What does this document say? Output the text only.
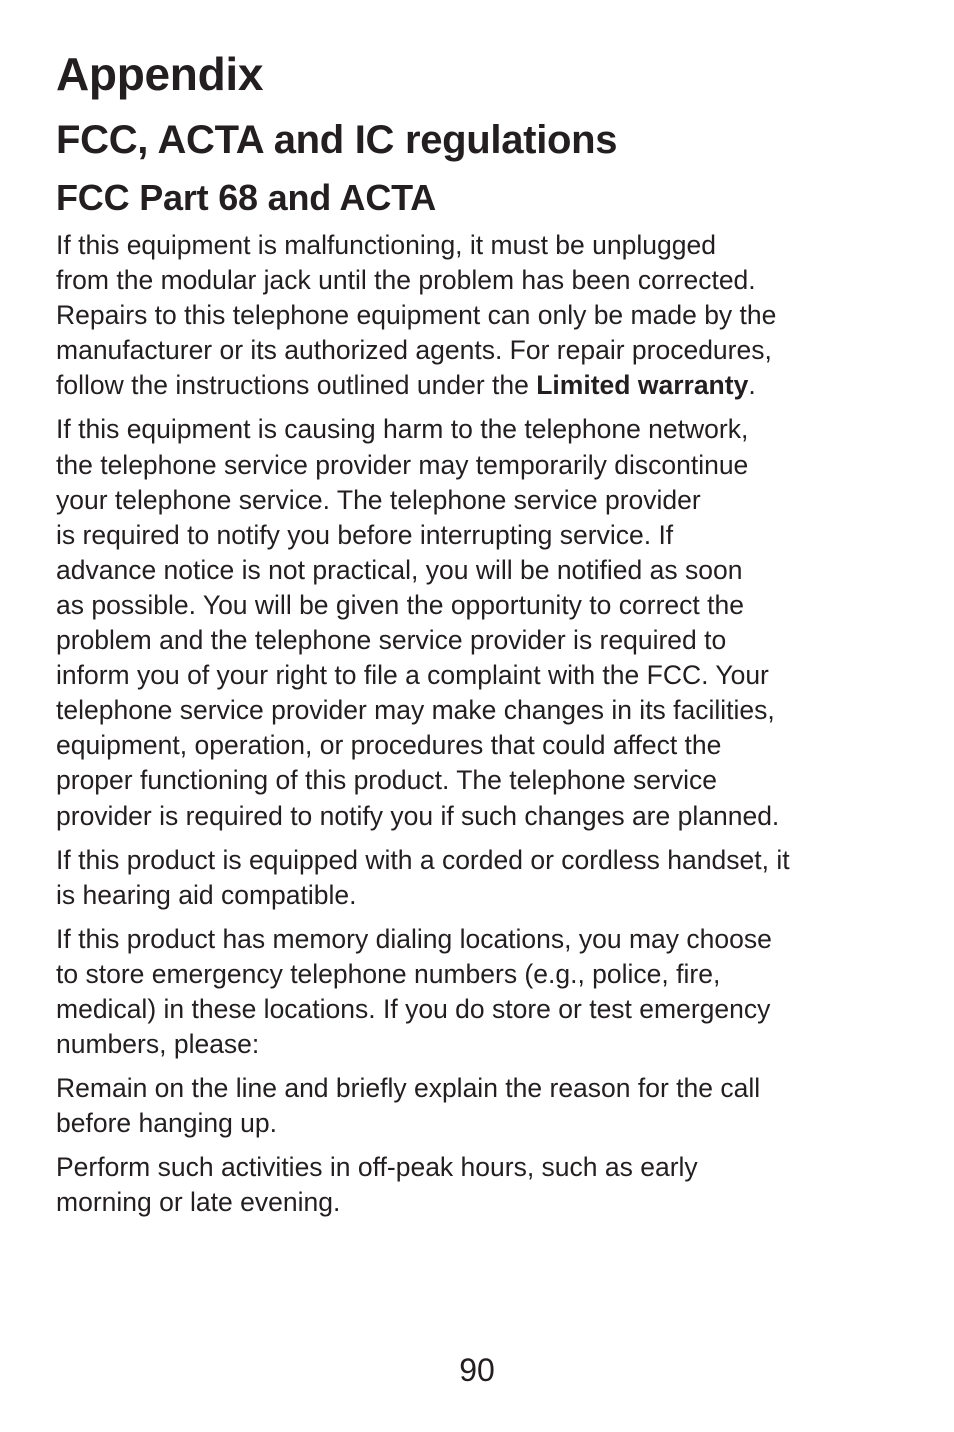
Appendix
FCC, ACTA and IC regulations
FCC Part 68 and ACTA

If this equipment is malfunctioning, it must be unplugged
from the modular jack until the problem has been corrected.
Repairs to this telephone equipment can only be made by the
manufacturer or its authorized agents. For repair procedures,
follow the instructions outlined under the Limited warranty.

If this equipment is causing harm to the telephone network,
the telephone service provider may temporarily discontinue
your telephone service. The telephone service provider
is required to notify you before interrupting service. If
advance notice is not practical, you will be notified as soon
as possible. You will be given the opportunity to correct the
problem and the telephone service provider is required to
inform you of your right to file a complaint with the FCC. Your
telephone service provider may make changes in its facilities,
equipment, operation, or procedures that could affect the
proper functioning of this product. The telephone service
provider is required to notify you if such changes are planned.

If this product is equipped with a corded or cordless handset, it
is hearing aid compatible.

If this product has memory dialing locations, you may choose
to store emergency telephone numbers (e.g., police, fire,
medical) in these locations. If you do store or test emergency
numbers, please:

Remain on the line and briefly explain the reason for the call
before hanging up.

Perform such activities in off-peak hours, such as early
morning or late evening.

90
